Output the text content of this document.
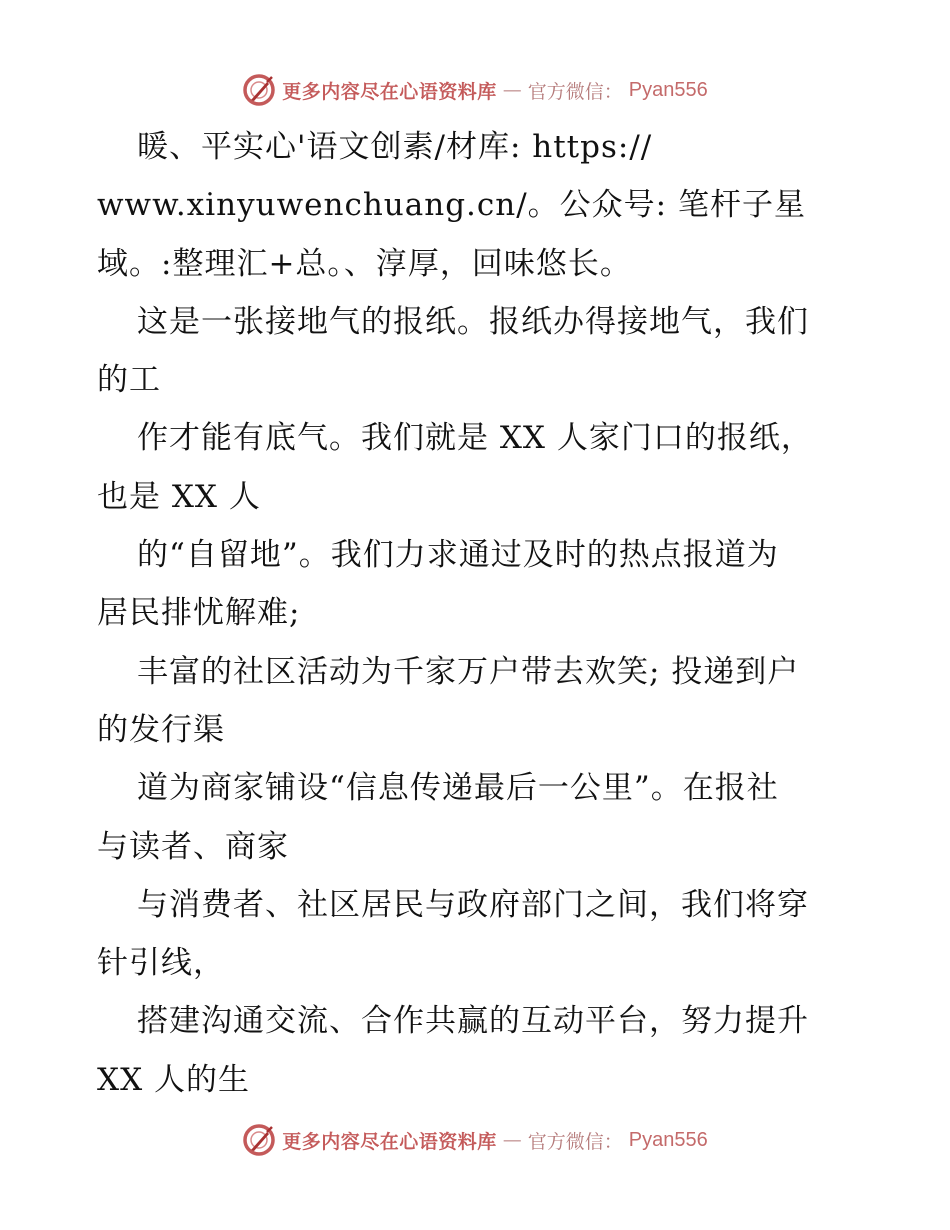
更多内容尽在心语资料库 — 官方微信： Pyan556
暖、平实心'语文创素/材库: https://
www.xinyuwenchuang.cn/。公众号: 笔杆子星
域。:整理汇+总。、淳厚，回味悠长。
这是一张接地气的报纸。报纸办得接地气，我们
的工
作才能有底气。我们就是 XX 人家门口的报纸，
也是 XX 人
的“自留地”。我们力求通过及时的热点报道为
居民排忧解难;
丰富的社区活动为千家万户带去欢笑; 投递到户
的发行渠
道为商家铺设“信息传递最后一公里”。在报社
与读者、商家
与消费者、社区居民与政府部门之间，我们将穿
针引线，
搭建沟通交流、合作共赢的互动平台，努力提升
XX 人的生
更多内容尽在心语资料库 — 官方微信： Pyan556
